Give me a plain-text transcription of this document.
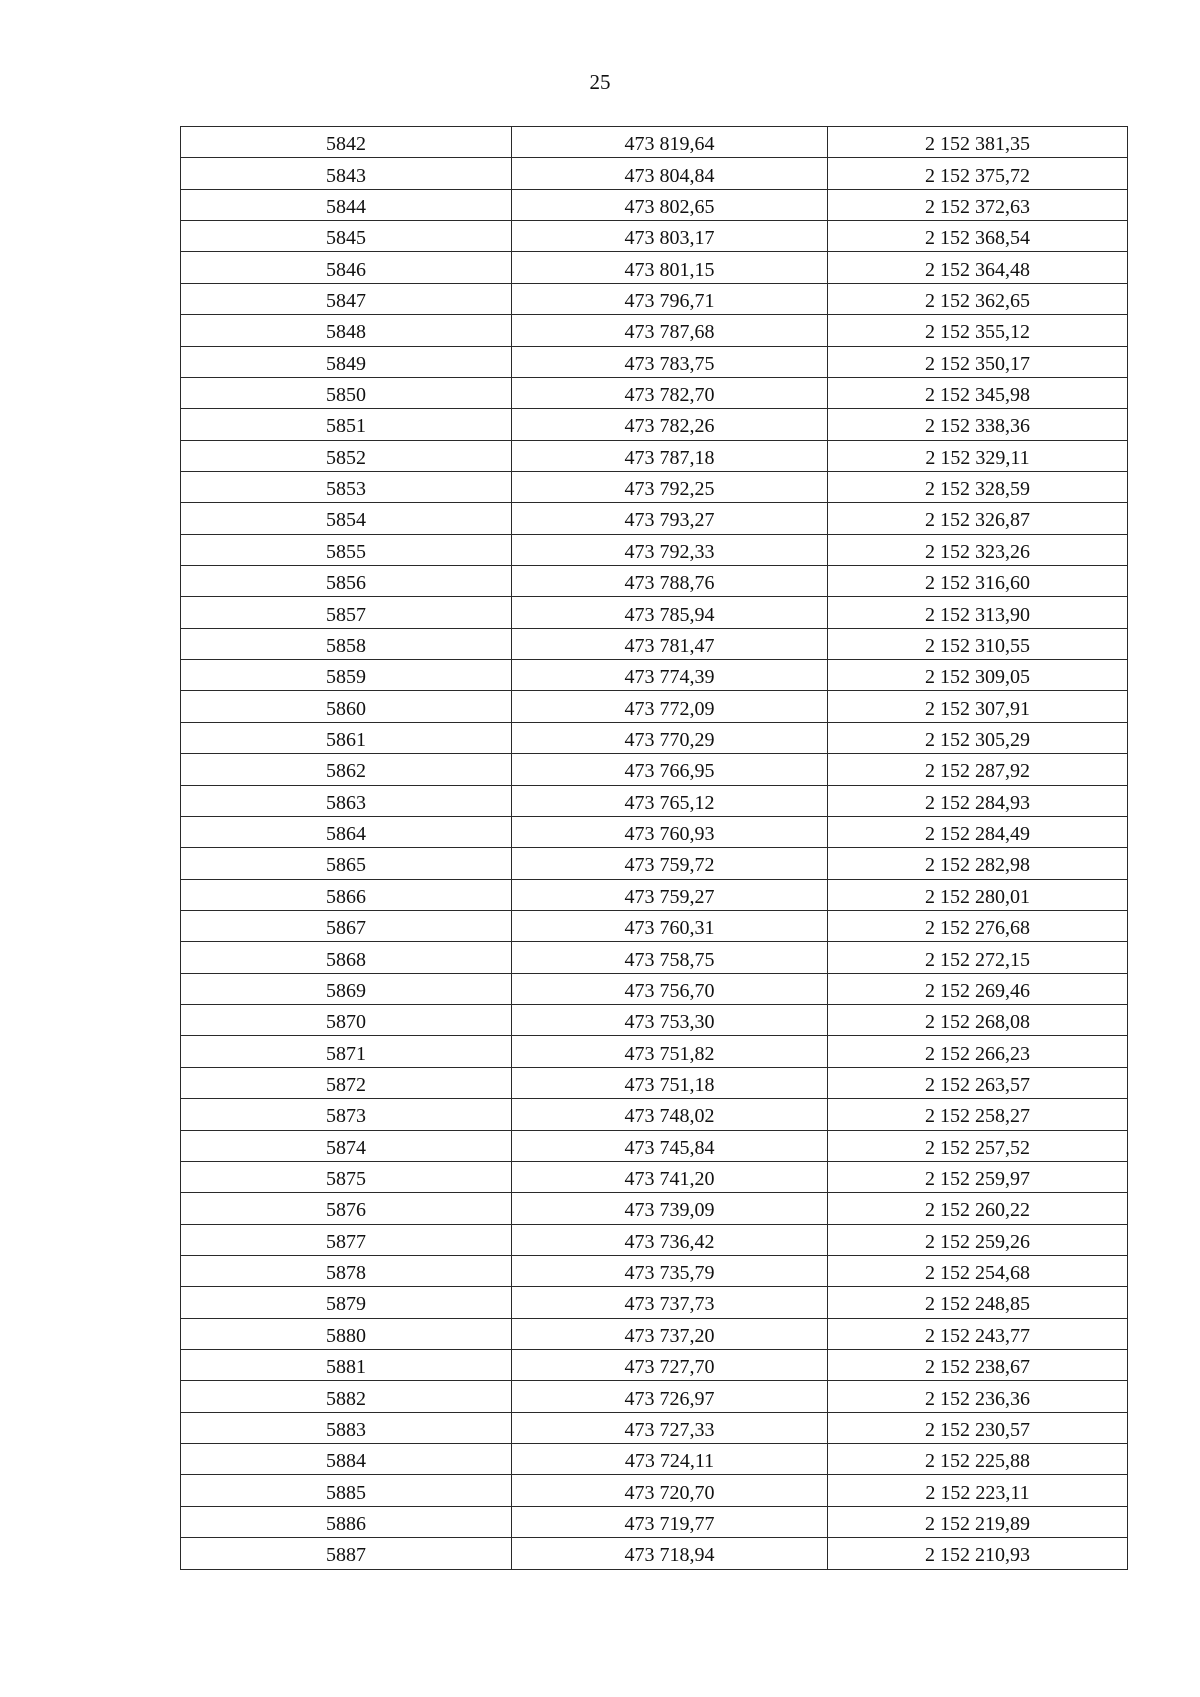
25
5842	473 819,64	2 152 381,35

5843	473 804,84	2 152 375,72

5844	473 802,65	2 152 372,63

5845	473 803,17	2 152 368,54

5846	473 801,15	2 152 364,48

5847	473 796,71	2 152 362,65

5848	473 787,68	2 152 355,12

5849	473 783,75	2 152 350,17

5850	473 782,70	2 152 345,98

5851	473 782,26	2 152 338,36

5852	473 787,18	2 152 329,11

5853	473 792,25	2 152 328,59

5854	473 793,27	2 152 326,87

5855	473 792,33	2 152 323,26

5856	473 788,76	2 152 316,60

5857	473 785,94	2 152 313,90

5858	473 781,47	2 152 310,55

5859	473 774,39	2 152 309,05

5860	473 772,09	2 152 307,91

5861	473 770,29	2 152 305,29

5862	473 766,95	2 152 287,92

5863	473 765,12	2 152 284,93

5864	473 760,93	2 152 284,49

5865	473 759,72	2 152 282,98

5866	473 759,27	2 152 280,01

5867	473 760,31	2 152 276,68

5868	473 758,75	2 152 272,15

5869	473 756,70	2 152 269,46

5870	473 753,30	2 152 268,08

5871	473 751,82	2 152 266,23

5872	473 751,18	2 152 263,57

5873	473 748,02	2 152 258,27

5874	473 745,84	2 152 257,52

5875	473 741,20	2 152 259,97

5876	473 739,09	2 152 260,22

5877	473 736,42	2 152 259,26

5878	473 735,79	2 152 254,68

5879	473 737,73	2 152 248,85

5880	473 737,20	2 152 243,77

5881	473 727,70	2 152 238,67

5882	473 726,97	2 152 236,36

5883	473 727,33	2 152 230,57

5884	473 724,11	2 152 225,88

5885	473 720,70	2 152 223,11

5886	473 719,77	2 152 219,89

5887	473 718,94	2 152 210,93
